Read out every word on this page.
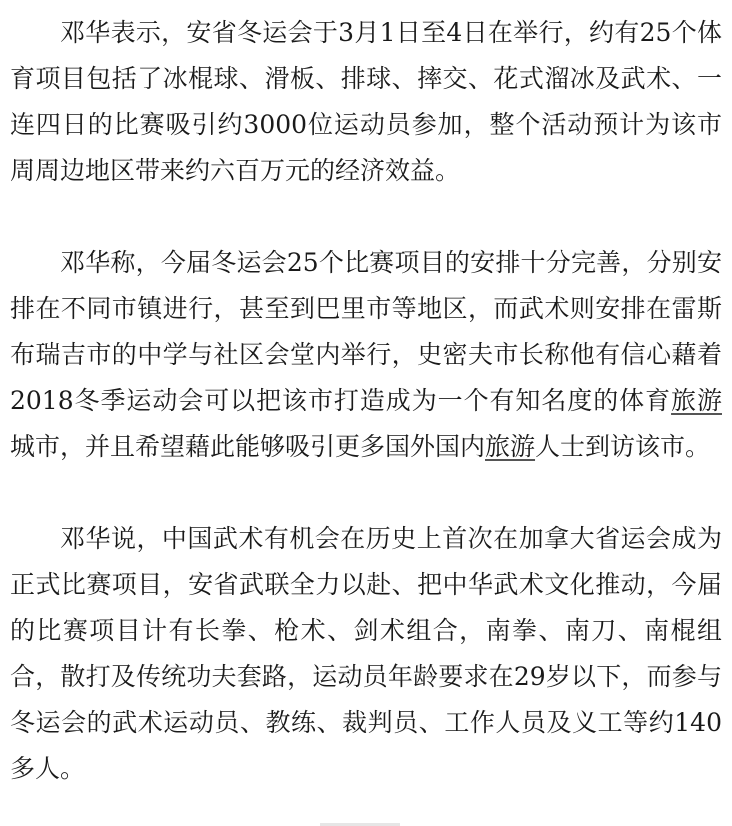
邓华表示，安省冬运会于3月1日至4日在举行，约有25个体育项目包括了冰棍球、滑板、排球、摔交、花式溜冰及武术、一连四日的比赛吸引约3000位运动员参加，整个活动预计为该市周周边地区带来约六百万元的经济效益。

邓华称，今届冬运会25个比赛项目的安排十分完善，分别安排在不同市镇进行，甚至到巴里市等地区，而武术则安排在雷斯布瑞吉市的中学与社区会堂内举行，史密夫市长称他有信心藉着2018冬季运动会可以把该市打造成为一个有知名度的体育旅游城市，并且希望藉此能够吸引更多国外国内旅游人士到访该市。

邓华说，中国武术有机会在历史上首次在加拿大省运会成为正式比赛项目，安省武联全力以赴、把中华武术文化推动，今届的比赛项目计有长拳、枪术、剑术组合，南拳、南刀、南棍组合，散打及传统功夫套路，运动员年龄要求在29岁以下，而参与冬运会的武术运动员、教练、裁判员、工作人员及义工等约140多人。
